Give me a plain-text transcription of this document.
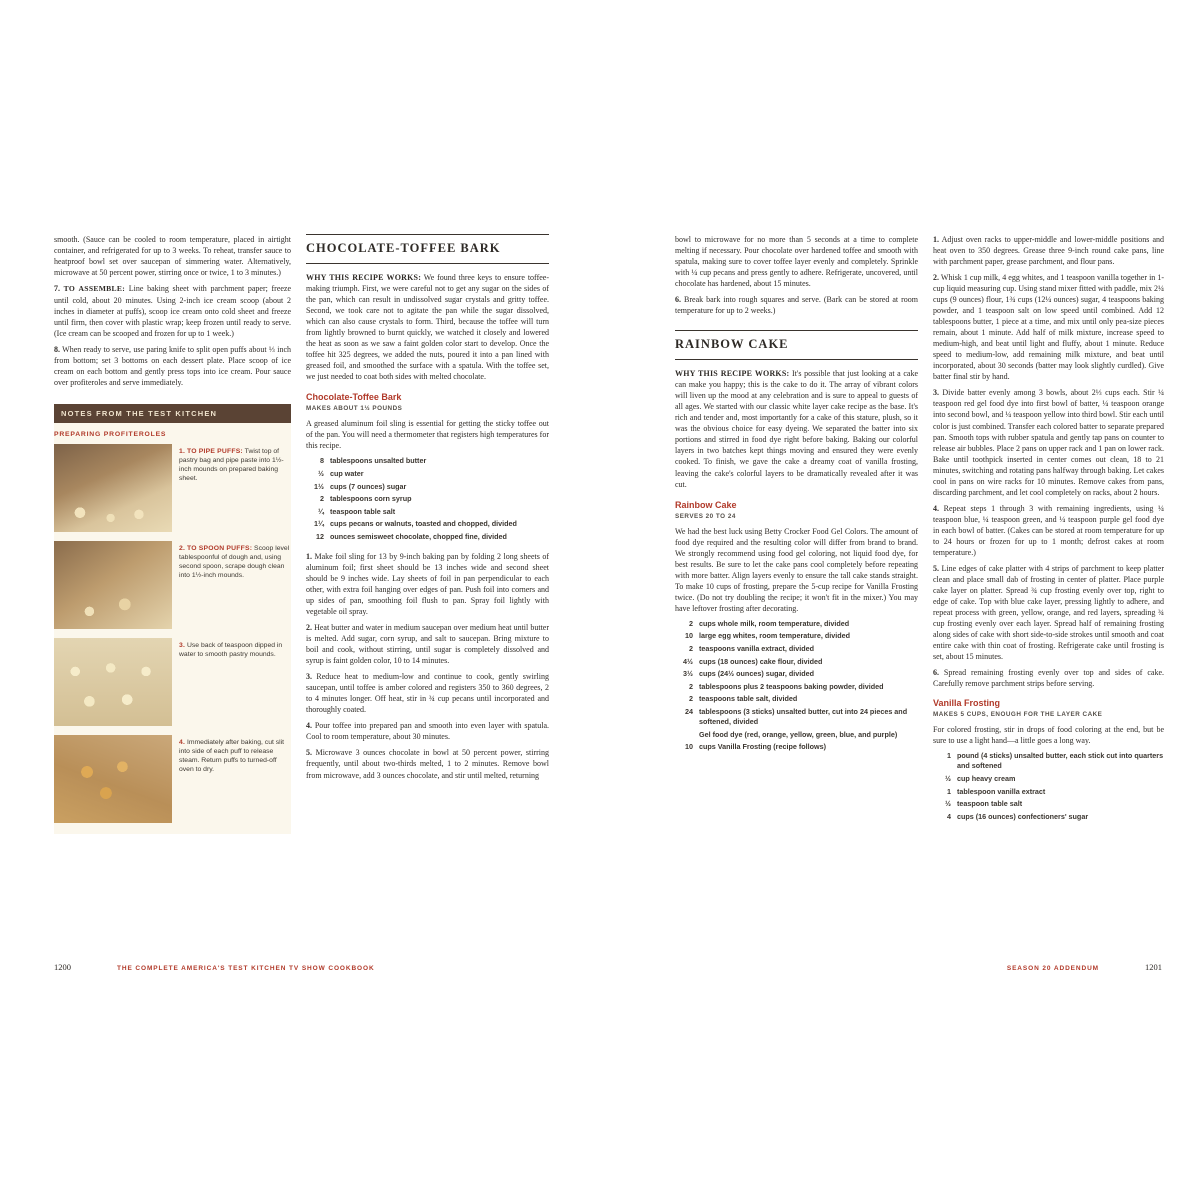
smooth. (Sauce can be cooled to room temperature, placed in airtight container, and refrigerated for up to 3 weeks. To reheat, transfer sauce to heatproof bowl set over saucepan of simmering water. Alternatively, microwave at 50 percent power, stirring once or twice, 1 to 3 minutes.)

7. TO ASSEMBLE: Line baking sheet with parchment paper; freeze until cold, about 20 minutes. Using 2-inch ice cream scoop (about 2 inches in diameter at puffs), scoop ice cream onto cold sheet and freeze until firm, then cover with plastic wrap; keep frozen until ready to serve. (Ice cream can be scooped and frozen for up to 1 week.)

8. When ready to serve, use paring knife to split open puffs about ⅓ inch from bottom; set 3 bottoms on each dessert plate. Place scoop of ice cream on each bottom and gently press tops into ice cream. Pour sauce over profiteroles and serve immediately.

NOTES FROM THE TEST KITCHEN
PREPARING PROFITEROLES
1. TO PIPE PUFFS: Twist top of pastry bag and pipe paste into 1½-inch mounds on prepared baking sheet.
2. TO SPOON PUFFS: Scoop level tablespoonful of dough and, using second spoon, scrape dough clean into 1½-inch mounds.
3. Use back of teaspoon dipped in water to smooth pastry mounds.
4. Immediately after baking, cut slit into side of each puff to release steam. Return puffs to turned-off oven to dry.
CHOCOLATE-TOFFEE BARK

WHY THIS RECIPE WORKS: We found three keys to ensure toffee-making triumph. First, we were careful not to get any sugar on the sides of the pan, which can result in undissolved sugar crystals and gritty toffee. Second, we took care not to agitate the pan while the sugar dissolved, which can also cause crystals to form. Third, because the toffee will turn from lightly browned to burnt quickly, we watched it closely and lowered the heat as soon as we saw a faint golden color start to develop. Once the toffee hit 325 degrees, we added the nuts, poured it into a pan lined with greased foil, and smoothed the surface with a spatula. With the toffee set, we just needed to coat both sides with melted chocolate.

Chocolate-Toffee Bark
MAKES ABOUT 1½ POUNDS

A greased aluminum foil sling is essential for getting the sticky toffee out of the pan. You will need a thermometer that registers high temperatures for this recipe.

8 tablespoons unsalted butter
½ cup water
1½ cups (7 ounces) sugar
2 tablespoons corn syrup
¼ teaspoon table salt
1¼ cups pecans or walnuts, toasted and chopped, divided
12 ounces semisweet chocolate, chopped fine, divided

1. Make foil sling for 13 by 9-inch baking pan by folding 2 long sheets of aluminum foil; first sheet should be 13 inches wide and second sheet should be 9 inches wide. Lay sheets of foil in pan perpendicular to each other, with extra foil hanging over edges of pan. Push foil into corners and up sides of pan, smoothing foil flush to pan. Spray foil lightly with vegetable oil spray.

2. Heat butter and water in medium saucepan over medium heat until butter is melted. Add sugar, corn syrup, and salt to saucepan. Bring mixture to boil and cook, without stirring, until sugar is completely dissolved and syrup is faint golden color, 10 to 14 minutes.

3. Reduce heat to medium-low and continue to cook, gently swirling saucepan, until toffee is amber colored and registers 350 to 360 degrees, 2 to 4 minutes longer. Off heat, stir in ¾ cup pecans until incorporated and thoroughly coated.

4. Pour toffee into prepared pan and smooth into even layer with spatula. Cool to room temperature, about 30 minutes.

5. Microwave 3 ounces chocolate in bowl at 50 percent power, stirring frequently, until about two-thirds melted, 1 to 2 minutes. Remove bowl from microwave, add 3 ounces chocolate, and stir until melted, returning

bowl to microwave for no more than 5 seconds at a time to complete melting if necessary. Pour chocolate over hardened toffee and smooth with spatula, making sure to cover toffee layer evenly and completely. Sprinkle with ¼ cup pecans and press gently to adhere. Refrigerate, uncovered, until chocolate has hardened, about 15 minutes.

6. Break bark into rough squares and serve. (Bark can be stored at room temperature for up to 2 weeks.)

RAINBOW CAKE

WHY THIS RECIPE WORKS: It's possible that just looking at a cake can make you happy; this is the cake to do it. The array of vibrant colors will liven up the mood at any celebration and is sure to appeal to guests of all ages. We started with our classic white layer cake recipe as the base. It's rich and tender and, most importantly for a cake of this stature, plush, so it was the obvious choice for easy dyeing. We separated the batter into six portions and stirred in food dye right before baking. Baking our colorful layers in two batches kept things moving and ensured they were evenly cooked. To finish, we gave the cake a dreamy coat of vanilla frosting, leaving the cake's colorful layers to be dramatically revealed after it was cut.

Rainbow Cake
SERVES 20 TO 24

We had the best luck using Betty Crocker Food Gel Colors. The amount of food dye required and the resulting color will differ from brand to brand. We strongly recommend using food gel coloring, not liquid food dye, for best results. Be sure to let the cake pans cool completely before repeating with more batter. Align layers evenly to ensure the tall cake stands straight. To make 10 cups of frosting, prepare the 5-cup recipe for Vanilla Frosting twice. (Do not try doubling the recipe; it won't fit in the mixer.) You may have leftover frosting after decorating.

2 cups whole milk, room temperature, divided
10 large egg whites, room temperature, divided
2 teaspoons vanilla extract, divided
4½ cups (18 ounces) cake flour, divided
3½ cups (24½ ounces) sugar, divided
2 tablespoons plus 2 teaspoons baking powder, divided
2 teaspoons table salt, divided
24 tablespoons (3 sticks) unsalted butter, cut into 24 pieces and softened, divided
Gel food dye (red, orange, yellow, green, blue, and purple)
10 cups Vanilla Frosting (recipe follows)

1. Adjust oven racks to upper-middle and lower-middle positions and heat oven to 350 degrees. Grease three 9-inch round cake pans, line with parchment paper, grease parchment, and flour pans.

2. Whisk 1 cup milk, 4 egg whites, and 1 teaspoon vanilla together in 1-cup liquid measuring cup. Using stand mixer fitted with paddle, mix 2¼ cups (9 ounces) flour, 1¾ cups (12¼ ounces) sugar, 4 teaspoons baking powder, and 1 teaspoon salt on low speed until combined. Add 12 tablespoons butter, 1 piece at a time, and mix until only pea-size pieces remain, about 1 minute. Add half of milk mixture, increase speed to medium-high, and beat until light and fluffy, about 1 minute. Reduce speed to medium-low, add remaining milk mixture, and beat until incorporated, about 30 seconds (batter may look slightly curdled). Give batter final stir by hand.

3. Divide batter evenly among 3 bowls, about 2⅓ cups each. Stir ¼ teaspoon red gel food dye into first bowl of batter, ¼ teaspoon orange into second bowl, and ¼ teaspoon yellow into third bowl. Stir each until color is just combined. Transfer each colored batter to separate prepared pan. Smooth tops with rubber spatula and gently tap pans on counter to release air bubbles. Place 2 pans on upper rack and 1 pan on lower rack. Bake until toothpick inserted in center comes out clean, 18 to 21 minutes, switching and rotating pans halfway through baking. Let cakes cool in pans on wire racks for 10 minutes. Remove cakes from pans, discarding parchment, and let cool completely on racks, about 2 hours.

4. Repeat steps 1 through 3 with remaining ingredients, using ¼ teaspoon blue, ¼ teaspoon green, and ¼ teaspoon purple gel food dye in each bowl of batter. (Cakes can be stored at room temperature for up to 24 hours or frozen for up to 1 month; defrost cakes at room temperature.)

5. Line edges of cake platter with 4 strips of parchment to keep platter clean and place small dab of frosting in center of platter. Place purple cake layer on platter. Spread ¾ cup frosting evenly over top, right to edge of cake. Top with blue cake layer, pressing lightly to adhere, and repeat process with green, yellow, orange, and red layers, spreading ¾ cup frosting evenly over each layer. Spread half of remaining frosting along sides of cake with short side-to-side strokes until smooth and coat entire cake with thin coat of frosting. Refrigerate cake until frosting is set, about 15 minutes.

6. Spread remaining frosting evenly over top and sides of cake. Carefully remove parchment strips before serving.

Vanilla Frosting
MAKES 5 CUPS, ENOUGH FOR THE LAYER CAKE

For colored frosting, stir in drops of food coloring at the end, but be sure to use a light hand—a little goes a long way.

1 pound (4 sticks) unsalted butter, each stick cut into quarters and softened
½ cup heavy cream
1 tablespoon vanilla extract
½ teaspoon table salt
4 cups (16 ounces) confectioners' sugar
1200	THE COMPLETE AMERICA'S TEST KITCHEN TV SHOW COOKBOOK	SEASON 20 ADDENDUM	1201
